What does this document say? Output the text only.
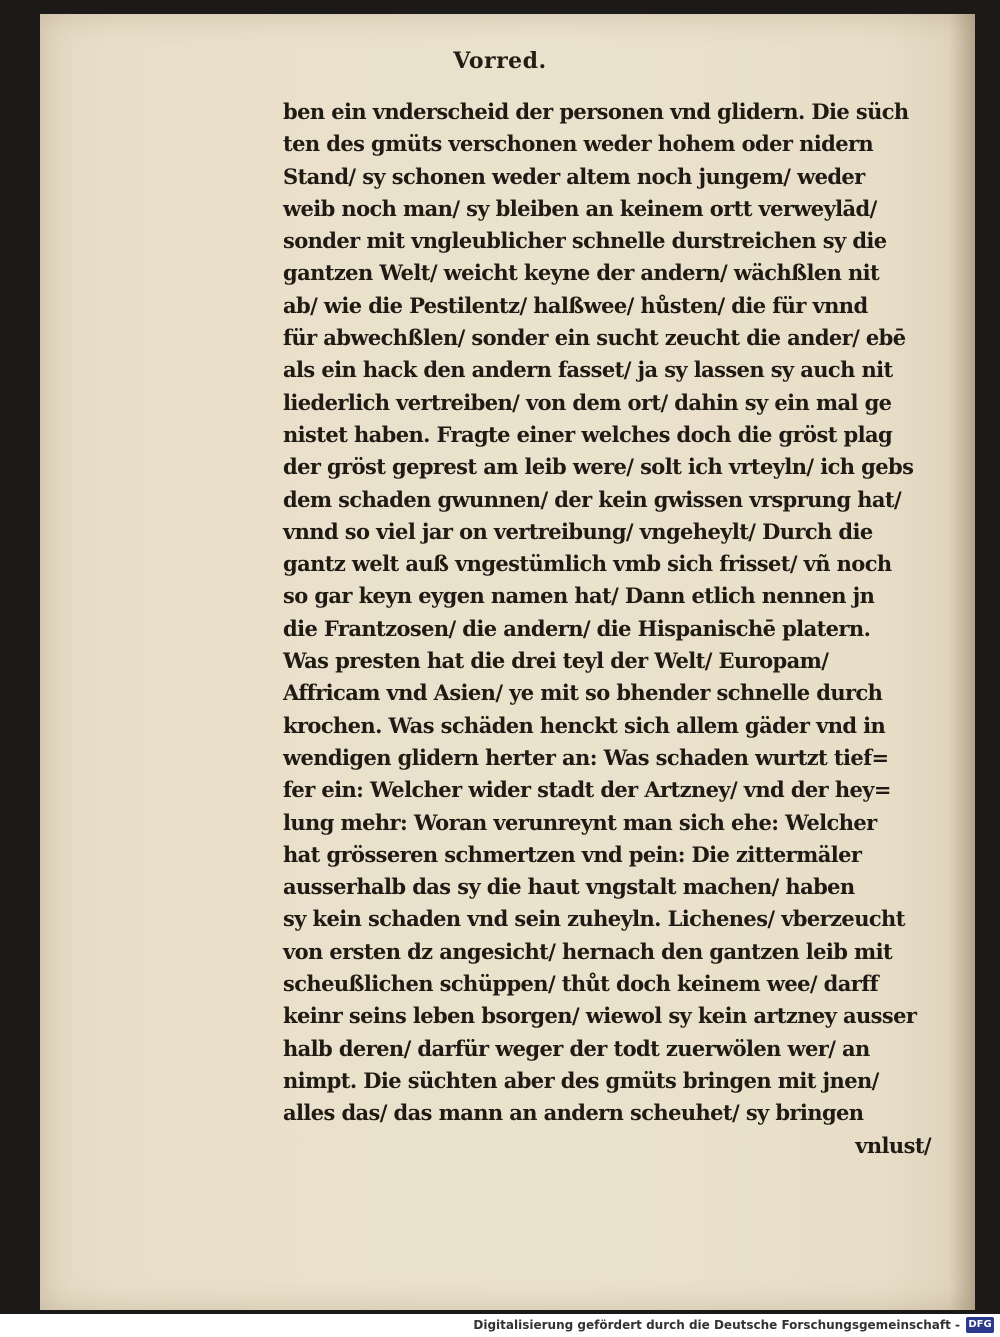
Vorred.
ben ein vnderscheid der personen vnd glidern. Die süch
ten des gmüts verschonen weder hohem oder nidern
Stand/ sy schonen weder altem noch jungem/ weder
weib noch man/ sy bleiben an keinem ortt verweylād/
sonder mit vngleublicher schnelle durstreichen sy die
gantzen Welt/ weicht keyne der andern/ wächßlen nit
ab/ wie die Pestilentz/ halßwee/ hůsten/ die für vnnd
für abwechßlen/ sonder ein sucht zeucht die ander/ ebē
als ein hack den andern fasset/ ja sy lassen sy auch nit
liederlich vertreiben/ von dem ort/ dahin sy ein mal ge
nistet haben. Fragte einer welches doch die gröst plag
der gröst geprest am leib were/ solt ich vrteyln/ ich gebs
dem schaden gwunnen/ der kein gwissen vrsprung hat/
vnnd so viel jar on vertreibung/ vngeheylt/ Durch die
gantz welt auß vngestümlich vmb sich frisset/ vñ noch
so gar keyn eygen namen hat/ Dann etlich nennen jn
die Frantzosen/ die andern/ die Hispanischē platern.
Was presten hat die drei teyl der Welt/ Europam/
Affricam vnd Asien/ ye mit so bhender schnelle durch
krochen. Was schäden henckt sich allem gäder vnd in
wendigen glidern herter an: Was schaden wurtzt tief=
fer ein: Welcher wider stadt der Artzney/ vnd der hey=
lung mehr: Woran verunreynt man sich ehe: Welcher
hat grösseren schmertzen vnd pein: Die zittermäler
ausserhalb das sy die haut vngstalt machen/ haben
sy kein schaden vnd sein zuheyln. Lichenes/ vberzeucht
von ersten dz angesicht/ hernach den gantzen leib mit
scheußlichen schüppen/ thůt doch keinem wee/ darff
keinr seins leben bsorgen/ wiewol sy kein artzney ausser
halb deren/ darfür weger der todt zuerwölen wer/ an
nimpt. Die süchten aber des gmüts bringen mit jnen/
alles das/ das mann an andern scheuhet/ sy bringen
vnlust/
Digitalisierung gefördert durch die Deutsche Forschungsgemeinschaft - DFG
